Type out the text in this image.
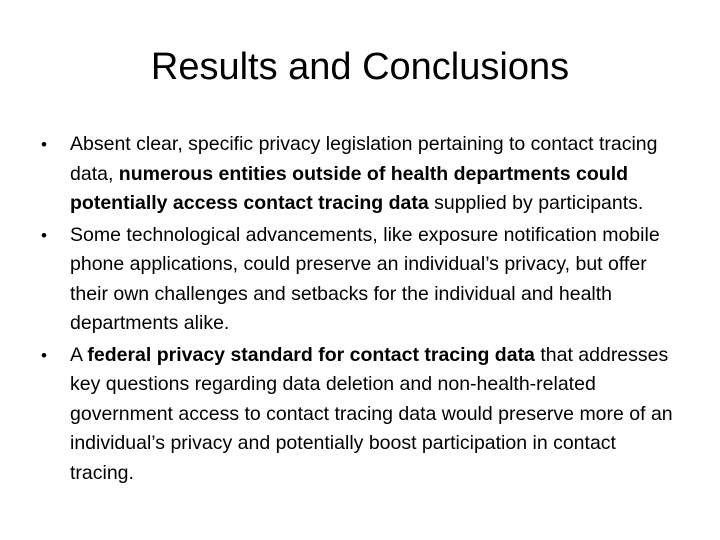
Results and Conclusions
• Absent clear, specific privacy legislation pertaining to contact tracing data, numerous entities outside of health departments could potentially access contact tracing data supplied by participants.
• Some technological advancements, like exposure notification mobile phone applications, could preserve an individual’s privacy, but offer their own challenges and setbacks for the individual and health departments alike.
• A federal privacy standard for contact tracing data that addresses key questions regarding data deletion and non-health-related government access to contact tracing data would preserve more of an individual’s privacy and potentially boost participation in contact tracing.
